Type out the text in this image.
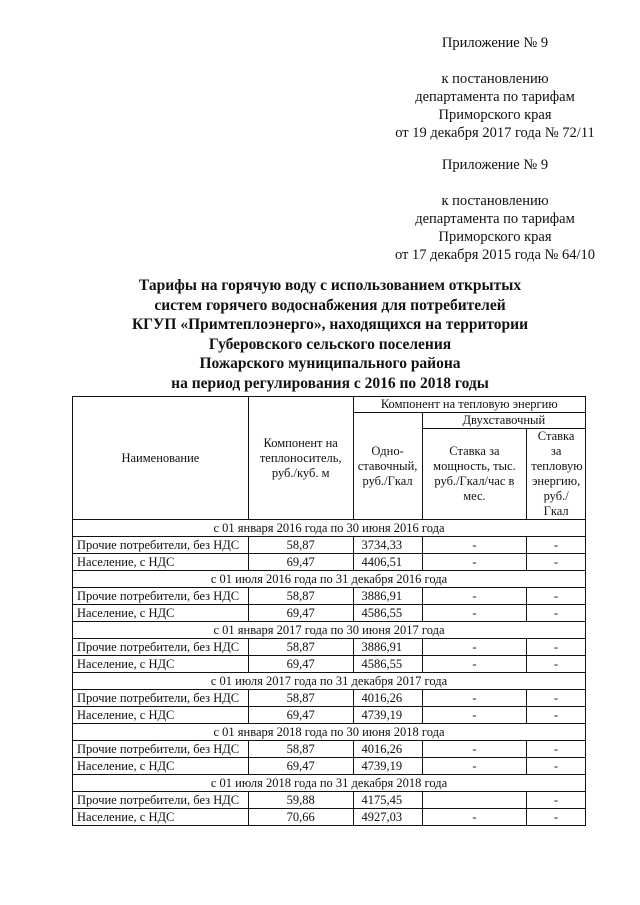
Приложение № 9
к постановлению
департамента по тарифам
Приморского края
от 19 декабря 2017 года № 72/11
Приложение № 9
к постановлению
департамента по тарифам
Приморского края
от 17 декабря 2015 года № 64/10
Тарифы на горячую воду с использованием открытых
систем горячего водоснабжения для потребителей
КГУП «Примтеплоэнерго», находящихся на территории
Губеровского сельского поселения
Пожарского муниципального района
на период регулирования с 2016 по 2018 годы
Наименование	Компонент на теплоноситель, руб./куб. м	Компонент на тепловую энергию		
		Одно-ставочный, руб./Гкал	Двухставочный	
			Ставка за мощность, тыс. руб./Гкал/час в мес.	Ставка за тепловую энергию, руб./Гкал
с 01 января 2016 года по 30 июня 2016 года				
Прочие потребители, без НДС	58,87	3734,33	-	-
Население, с НДС	69,47	4406,51	-	-
с 01 июля 2016 года по 31 декабря 2016 года				
Прочие потребители, без НДС	58,87	3886,91	-	-
Население, с НДС	69,47	4586,55	-	-
с 01 января 2017 года по 30 июня 2017 года				
Прочие потребители, без НДС	58,87	3886,91	-	-
Население, с НДС	69,47	4586,55	-	-
с 01 июля 2017 года по 31 декабря 2017 года				
Прочие потребители, без НДС	58,87	4016,26	-	-
Население, с НДС	69,47	4739,19	-	-
с 01 января 2018 года по 30 июня 2018 года				
Прочие потребители, без НДС	58,87	4016,26	-	-
Население, с НДС	69,47	4739,19	-	-
с 01 июля 2018 года по 31 декабря 2018 года				
Прочие потребители, без НДС	59,88	4175,45		-
Население, с НДС	70,66	4927,03	-	-
